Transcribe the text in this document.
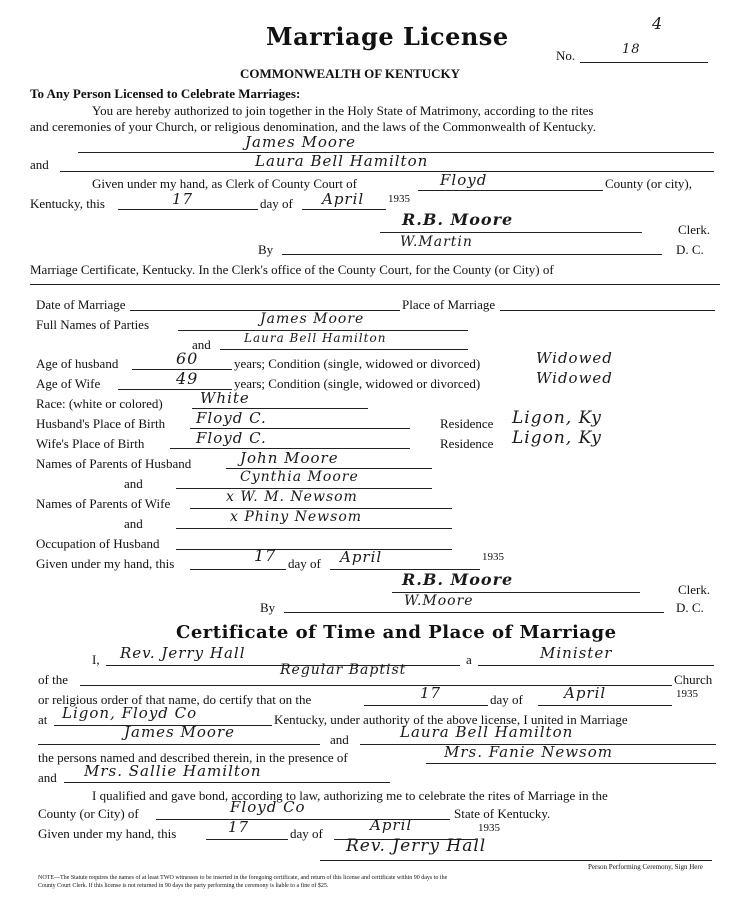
Marriage License
No.	18
4
COMMONWEALTH OF KENTUCKY
To Any Person Licensed to Celebrate Marriages:
You are hereby authorized to join together in the Holy State of Matrimony, according to the rites
and ceremonies of your Church, or religious denomination, and the laws of the Commonwealth of Kentucky.
James Moore
and	Laura Bell Hamilton
Given under my hand, as Clerk of County Court of	Floyd	County (or city),
Kentucky, this	17	day of April 1935
R.B. Moore
Clerk.
By	W.Martin	D. C.
Marriage Certificate, Kentucky. In the Clerk's office of the County Court, for the County (or City) of
Date of Marriage	Place of Marriage
Full Names of Parties	James Moore
and	Laura Bell Hamilton
Age of husband	60	years; Condition (single, widowed or divorced)	Widowed
Age of Wife	49	years; Condition (single, widowed or divorced)	Widowed
Race: (white or colored) White
Husband's Place of Birth Floyd C.	Residence Ligon, Ky
Wife's Place of Birth	Floyd C.	Residence Ligon, Ky
Names of Parents of Husband	John Moore
and	Cynthia Moore
Names of Parents of Wife	x W. M. Newsom
and	x Phiny Newsom
Occupation of Husband
Given under my hand, this	17 day of April	1935
R.B. Moore
Clerk.
By	W.Moore	D. C.
Certificate of Time and Place of Marriage
I, Rev. Jerry Hall	a	Minister
of the
Regular Baptist
Church
or religious order of that name, do certify that on the	17	day of	April	1935
at Ligon, Floyd Co	Kentucky, under authority of the above license, I united in Marriage
James Moore	and	Laura Bell Hamilton
the persons named and described therein, in the presence of	Mrs. Fanie Newsom
and Mrs. Sallie Hamilton
I qualified and gave bond, according to law, authorizing me to celebrate the rites of Marriage in the
County (or City) of	Floyd Co	State of Kentucky.
Given under my hand, this	17	day of	April	1935
Rev. Jerry Hall
Person Performing Ceremony, Sign Here
NOTE—The Statute requires the names of at least TWO witnesses to be inserted in the foregoing certificate, and return of this license and certificate within 90 days to the
County Court Clerk. If this license is not returned in 90 days the party performing the ceremony is liable to a fine of $25.
